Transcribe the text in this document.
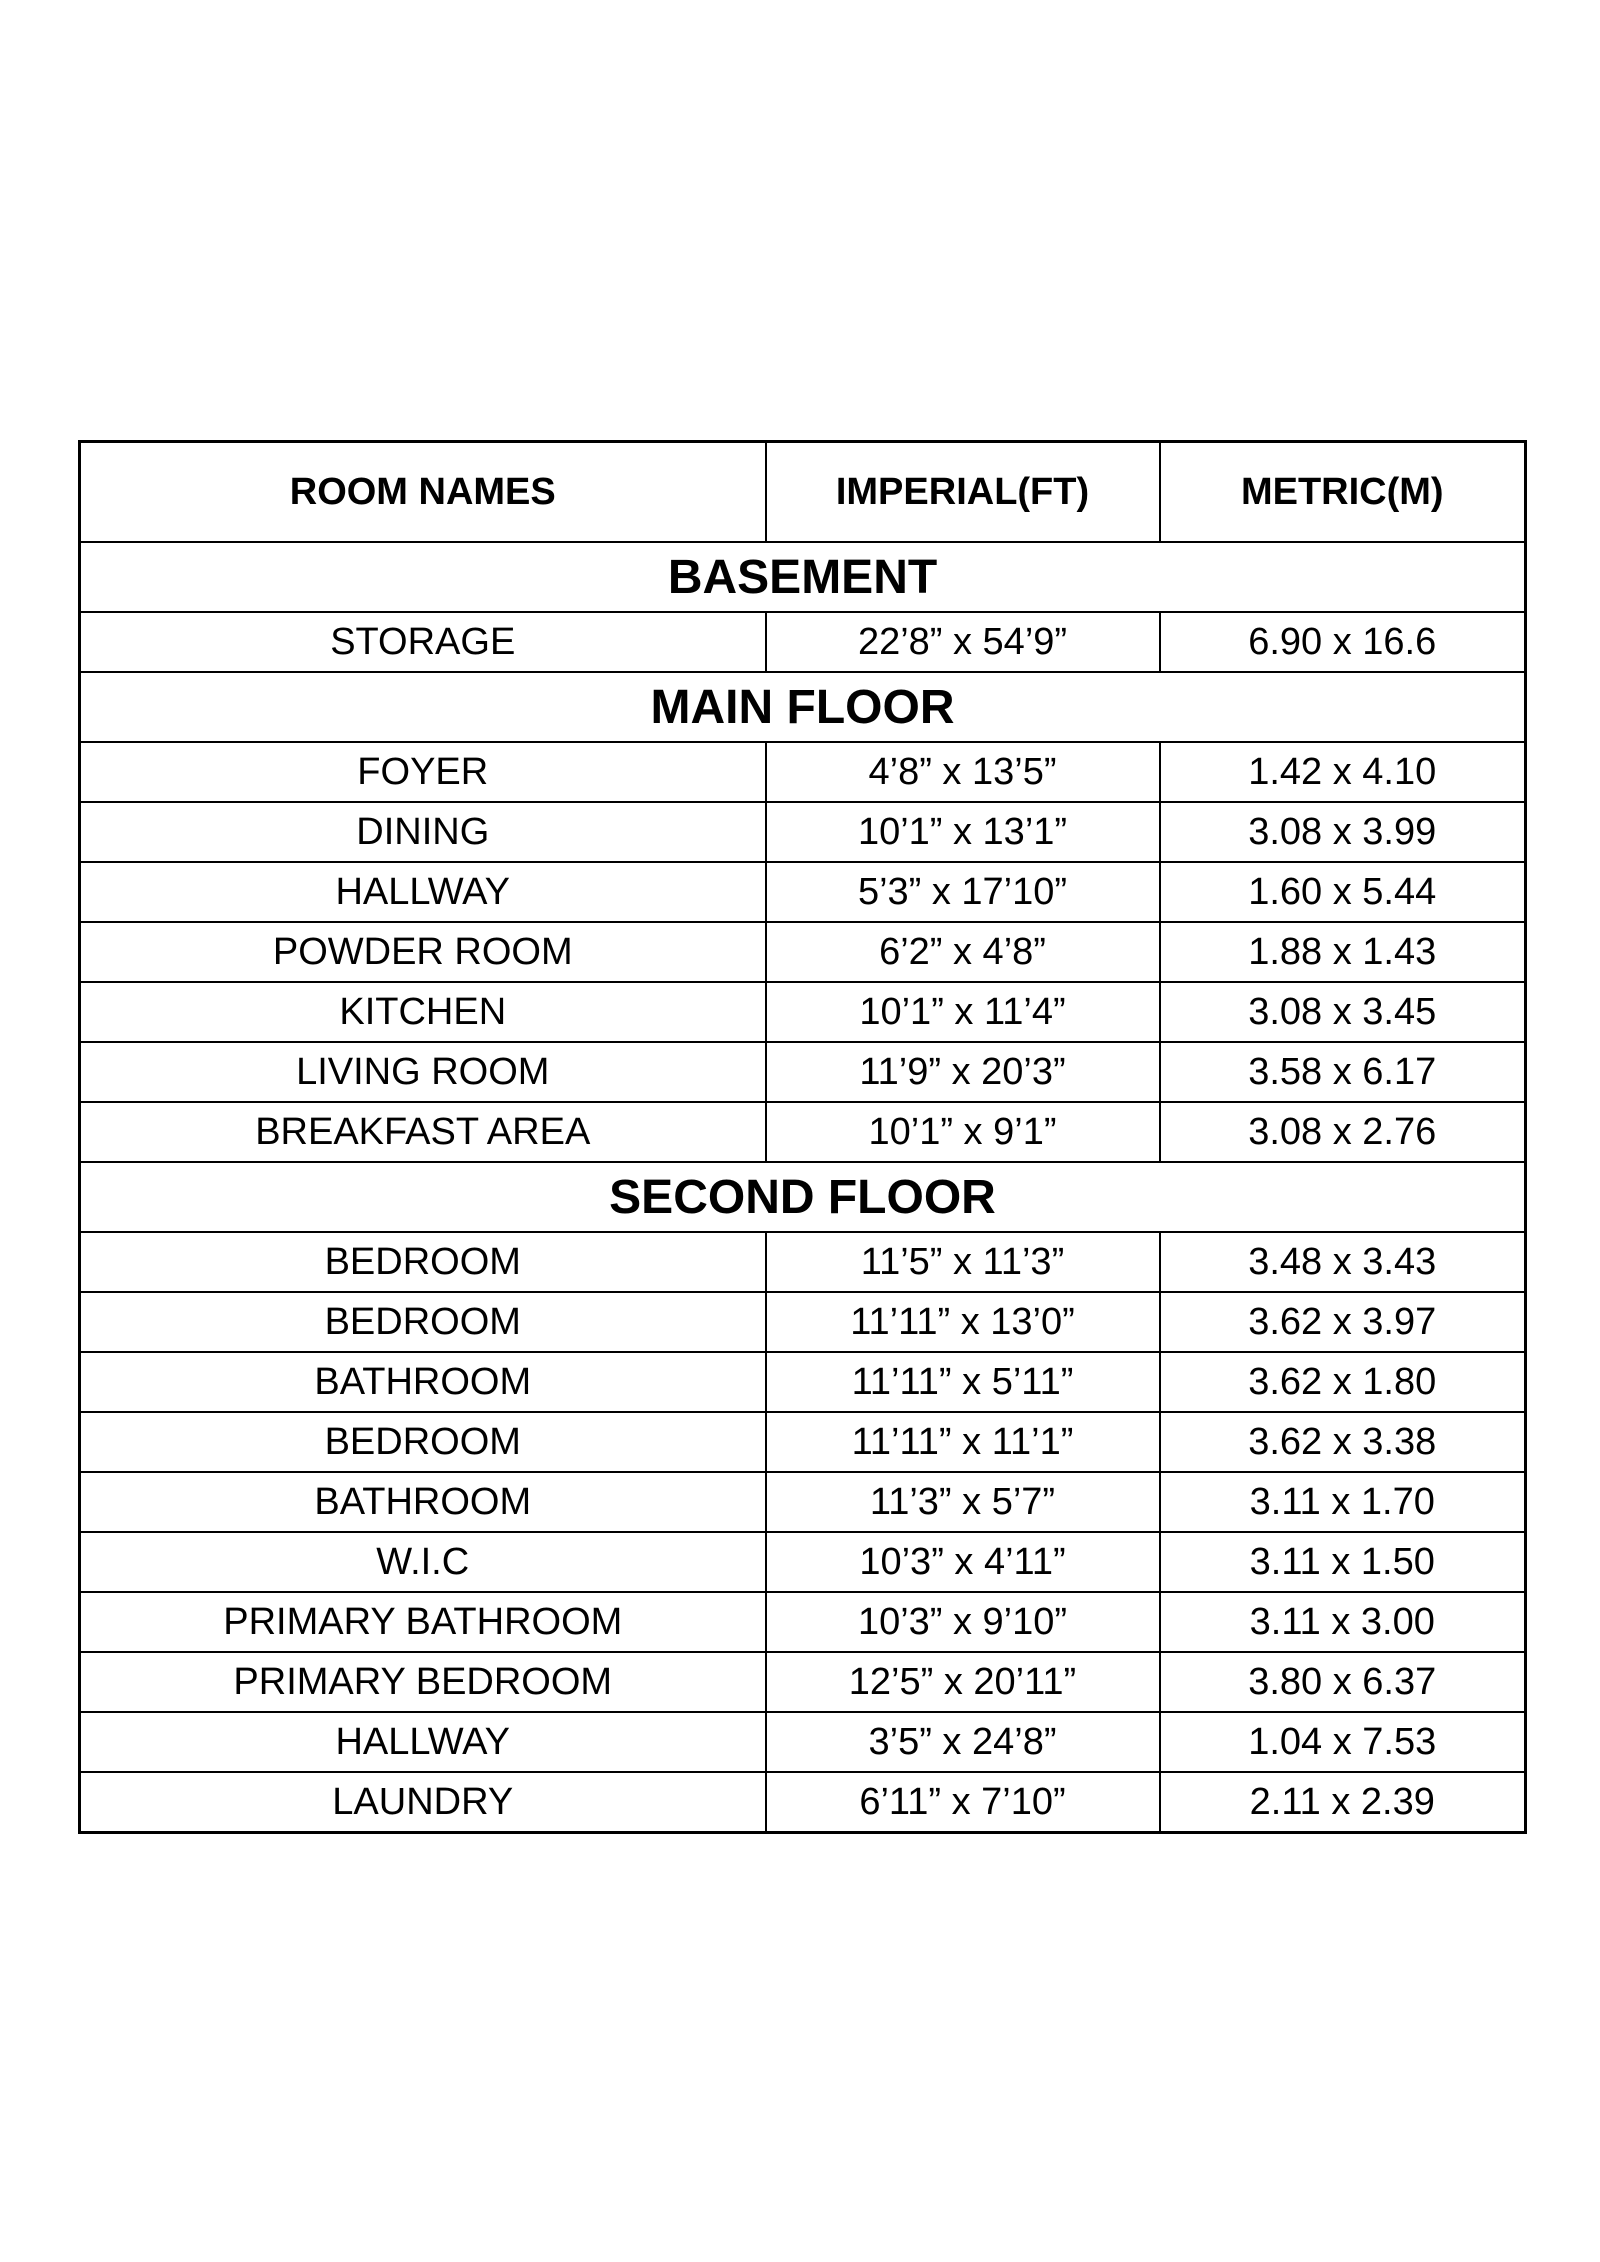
ROOM NAMES	IMPERIAL(FT)	METRIC(M)
BASEMENT		
STORAGE	22’8” x 54’9”	6.90 x 16.6
MAIN FLOOR		
FOYER	4’8” x 13’5”	1.42 x 4.10
DINING	10’1” x 13’1”	3.08 x 3.99
HALLWAY	5’3” x 17’10”	1.60 x 5.44
POWDER ROOM	6’2” x 4’8”	1.88 x 1.43
KITCHEN	10’1” x 11’4”	3.08 x 3.45
LIVING ROOM	11’9” x 20’3”	3.58 x 6.17
BREAKFAST AREA	10’1” x 9’1”	3.08 x 2.76
SECOND FLOOR		
BEDROOM	11’5” x 11’3”	3.48 x 3.43
BEDROOM	11’11” x 13’0”	3.62 x 3.97
BATHROOM	11’11” x 5’11”	3.62 x 1.80
BEDROOM	11’11” x 11’1”	3.62 x 3.38
BATHROOM	11’3” x 5’7”	3.11 x 1.70
W.I.C	10’3” x 4’11”	3.11 x 1.50
PRIMARY BATHROOM	10’3” x 9’10”	3.11 x 3.00
PRIMARY BEDROOM	12’5” x 20’11”	3.80 x 6.37
HALLWAY	3’5” x 24’8”	1.04 x 7.53
LAUNDRY	6’11” x 7’10”	2.11 x 2.39
